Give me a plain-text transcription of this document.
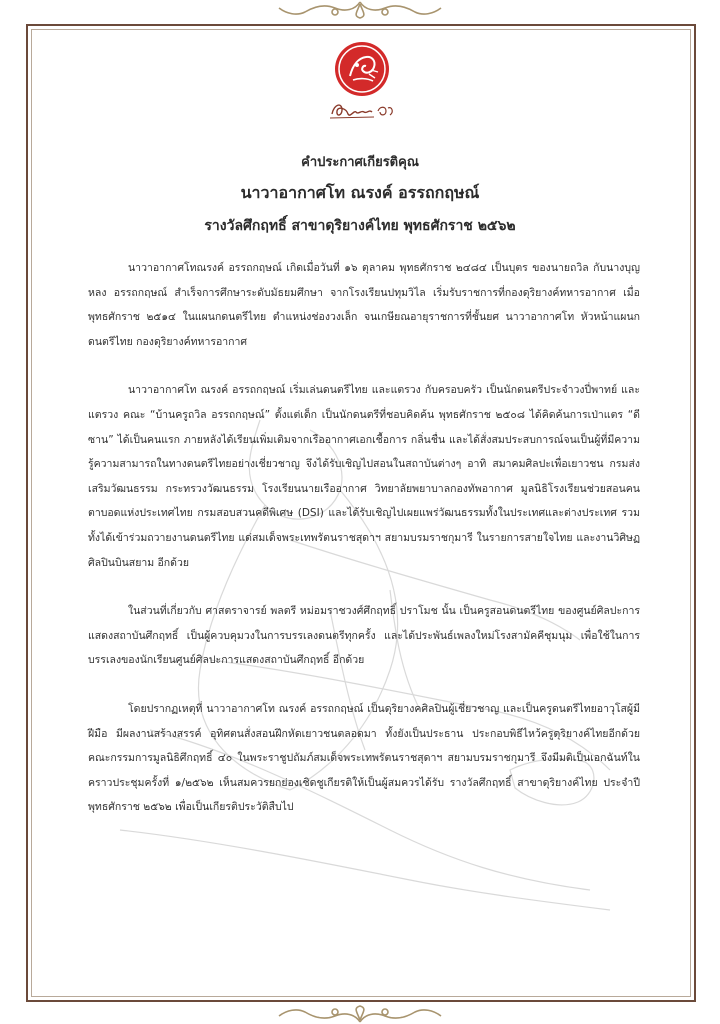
คำประกาศเกียรติคุณ
นาวาอากาศโท ณรงค์ อรรถกฤษณ์
รางวัลศึกฤทธิ์ สาขาดุริยางค์ไทย พุทธศักราช ๒๕๖๒

นาวาอากาศโทณรงค์ อรรถกฤษณ์ เกิดเมื่อวันที่ ๑๖ ตุลาคม พุทธศักราช ๒๔๘๔ เป็นบุตร ของนายถวิล กับนางบุญหลง อรรถกฤษณ์ สำเร็จการศึกษาระดับมัธยมศึกษา จากโรงเรียนปทุมวิไล เริ่มรับราชการที่กองดุริยางค์ทหารอากาศ เมื่อ พุทธศักราช ๒๕๑๔ ในแผนกดนตรีไทย ตำแหน่งช่องวงเล็ก จนเกษียณอายุราชการที่ชั้นยศ นาวาอากาศโท หัวหน้าแผนกดนตรีไทย กองดุริยางค์ทหารอากาศ

นาวาอากาศโท ณรงค์ อรรถกฤษณ์ เริ่มเล่นดนตรีไทย และแตรวง กับครอบครัว เป็นนักดนตรีประจำวงปี่พาทย์ และแตรวง คณะ “บ้านครูถวิล อรรถกฤษณ์” ตั้งแต่เด็ก เป็นนักดนตรีที่ชอบคิดค้น พุทธศักราช ๒๕๐๘ ได้คิดค้นการเป่าแตร “ดีซาน” ได้เป็นคนแรก ภายหลังได้เรียนเพิ่มเติมจากเรืออากาศเอกเชื้อการ กลิ่นชื่น และได้สั่งสมประสบการณ์จนเป็นผู้ที่มีความรู้ความสามารถในทางดนตรีไทยอย่างเชี่ยวชาญ จึงได้รับเชิญไปสอนในสถาบันต่างๆ อาทิ สมาคมศิลปะเพื่อเยาวชน กรมส่งเสริมวัฒนธรรม กระทรวงวัฒนธรรม โรงเรียนนายเรืออากาศ วิทยาลัยพยาบาลกองทัพอากาศ มูลนิธิโรงเรียนช่วยสอนคนตาบอดแห่งประเทศไทย กรมสอบสวนคดีพิเศษ (DSI) และได้รับเชิญไปเผยแพร่วัฒนธรรมทั้งในประเทศและต่างประเทศ รวมทั้งได้เข้าร่วมถวายงานดนตรีไทย แด่สมเด็จพระเทพรัตนราชสุดาฯ สยามบรมราชกุมารี ในรายการสายใจไทย และงานวิศิษฏศิลปินบินสยาม อีกด้วย

ในส่วนที่เกี่ยวกับ ศาสตราจารย์ พลตรี หม่อมราชวงศ์ศึกฤทธิ์ ปราโมช นั้น เป็นครูสอนดนตรีไทย ของศูนย์ศิลปะการแสดงสถาบันศึกฤทธิ์ เป็นผู้ควบคุมวงในการบรรเลงดนตรีทุกครั้ง และได้ประพันธ์เพลงใหม่โรงสามัคคีชุมนุม เพื่อใช้ในการบรรเลงของนักเรียนศูนย์ศิลปะการแสดงสถาบันศึกฤทธิ์ อีกด้วย

โดยปรากฏเหตุที่ นาวาอากาศโท ณรงค์ อรรถกฤษณ์ เป็นดุริยางคศิลปินผู้เชี่ยวชาญ และเป็นครูดนตรีไทยอาวุโสผู้มีฝีมือ มีผลงานสร้างสรรค์ อุทิศตนสั่งสอนฝึกหัดเยาวชนตลอดมา ทั้งยังเป็นประธาน ประกอบพิธีไหว้ครูดุริยางค์ไทยอีกด้วย คณะกรรมการมูลนิธิศึกฤทธิ์ ๔๐ ในพระราชูปถัมภ์สมเด็จพระเทพรัตนราชสุดาฯ สยามบรมราชกุมารี จึงมีมติเป็นเอกฉันท์ในคราวประชุมครั้งที่ ๑/๒๕๖๒ เห็นสมควรยกย่องเชิดชูเกียรติให้เป็นผู้สมควรได้รับ รางวัลศึกฤทธิ์ สาขาดุริยางค์ไทย ประจำปีพุทธศักราช ๒๕๖๒ เพื่อเป็นเกียรติประวัติสืบไป
